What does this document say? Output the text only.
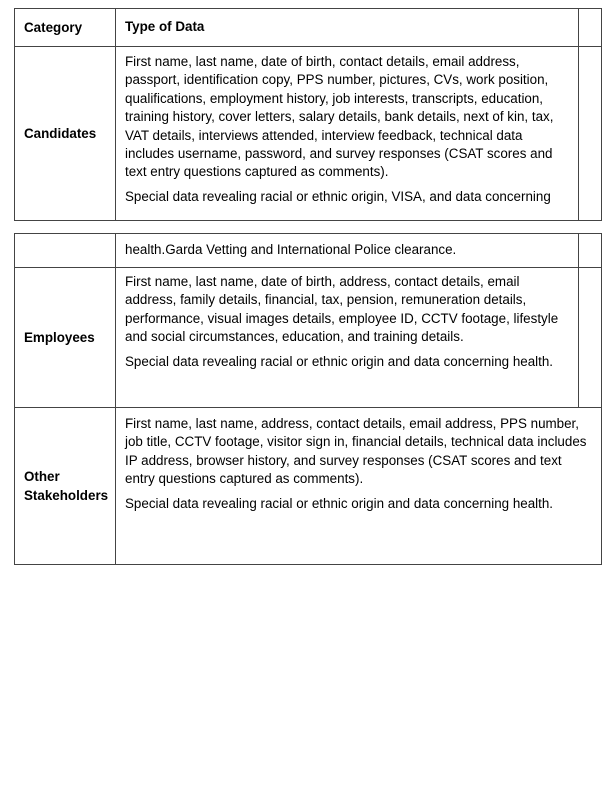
Category	Type of Data	

Candidates	First name, last name, date of birth, contact details, email address, passport, identification copy, PPS number, pictures, CVs, work position, qualifications, employment history, job interests, transcripts, education, training history, cover letters, salary details, bank details, next of kin, tax, VAT details, interviews attended, interview feedback, technical data includes username, password, and survey responses (CSAT scores and text entry questions captured as comments).

Special data revealing racial or ethnic origin, VISA, and data concerning	

	health.Garda Vetting and International Police clearance.	

Employees	First name, last name, date of birth, address, contact details, email address, family details, financial, tax, pension, remuneration details, performance, visual images details, employee ID, CCTV footage, lifestyle and social circumstances, education, and training details.

Special data revealing racial or ethnic origin and data concerning health.	

Other Stakeholders	First name, last name, address, contact details, email address, PPS number, job title, CCTV footage, visitor sign in, financial details, technical data includes IP address, browser history, and survey responses (CSAT scores and text entry questions captured as comments).

Special data revealing racial or ethnic origin and data concerning health.	
